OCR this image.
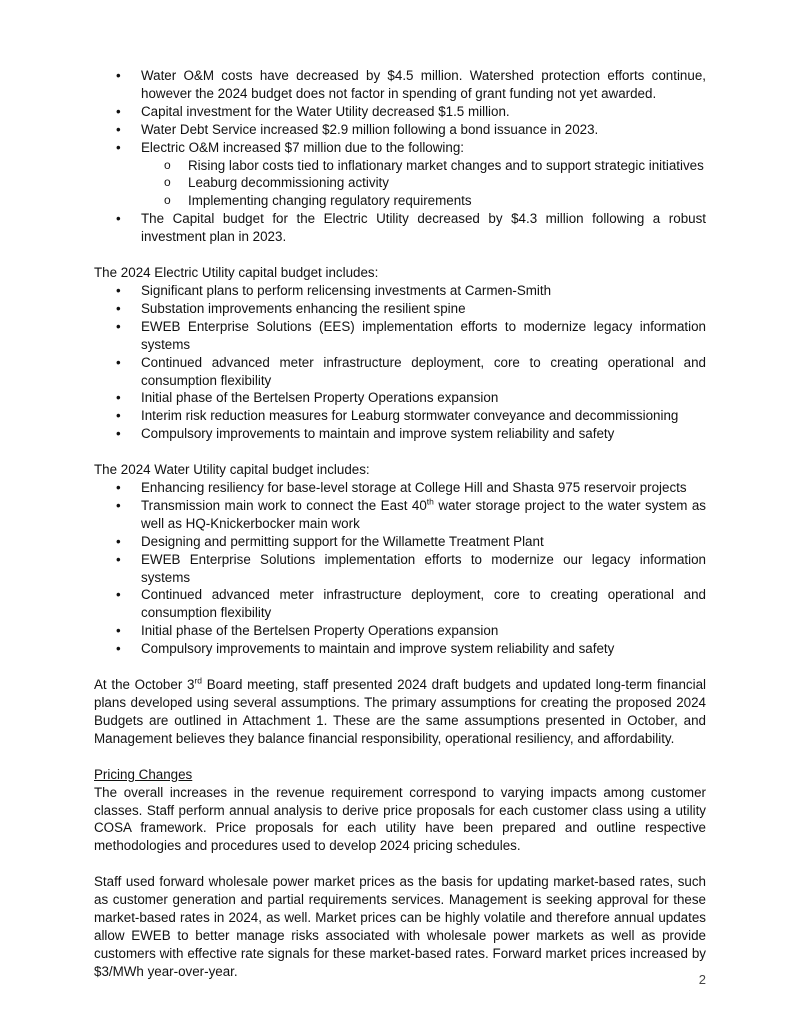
• Water O&M costs have decreased by $4.5 million. Watershed protection efforts continue, however the 2024 budget does not factor in spending of grant funding not yet awarded.
• Capital investment for the Water Utility decreased $1.5 million.
• Water Debt Service increased $2.9 million following a bond issuance in 2023.
• Electric O&M increased $7 million due to the following:
o Rising labor costs tied to inflationary market changes and to support strategic initiatives
o Leaburg decommissioning activity
o Implementing changing regulatory requirements
• The Capital budget for the Electric Utility decreased by $4.3 million following a robust investment plan in 2023.

The 2024 Electric Utility capital budget includes:

• Significant plans to perform relicensing investments at Carmen-Smith
• Substation improvements enhancing the resilient spine
• EWEB Enterprise Solutions (EES) implementation efforts to modernize legacy information systems
• Continued advanced meter infrastructure deployment, core to creating operational and consumption flexibility
• Initial phase of the Bertelsen Property Operations expansion
• Interim risk reduction measures for Leaburg stormwater conveyance and decommissioning
• Compulsory improvements to maintain and improve system reliability and safety

The 2024 Water Utility capital budget includes:

• Enhancing resiliency for base-level storage at College Hill and Shasta 975 reservoir projects
• Transmission main work to connect the East 40th water storage project to the water system as well as HQ-Knickerbocker main work
• Designing and permitting support for the Willamette Treatment Plant
• EWEB Enterprise Solutions implementation efforts to modernize our legacy information systems
• Continued advanced meter infrastructure deployment, core to creating operational and consumption flexibility
• Initial phase of the Bertelsen Property Operations expansion
• Compulsory improvements to maintain and improve system reliability and safety

At the October 3rd Board meeting, staff presented 2024 draft budgets and updated long-term financial plans developed using several assumptions. The primary assumptions for creating the proposed 2024 Budgets are outlined in Attachment 1. These are the same assumptions presented in October, and Management believes they balance financial responsibility, operational resiliency, and affordability.

Pricing Changes

The overall increases in the revenue requirement correspond to varying impacts among customer classes. Staff perform annual analysis to derive price proposals for each customer class using a utility COSA framework. Price proposals for each utility have been prepared and outline respective methodologies and procedures used to develop 2024 pricing schedules.

Staff used forward wholesale power market prices as the basis for updating market-based rates, such as customer generation and partial requirements services. Management is seeking approval for these market-based rates in 2024, as well. Market prices can be highly volatile and therefore annual updates allow EWEB to better manage risks associated with wholesale power markets as well as provide customers with effective rate signals for these market-based rates. Forward market prices increased by $3/MWh year-over-year.

2
